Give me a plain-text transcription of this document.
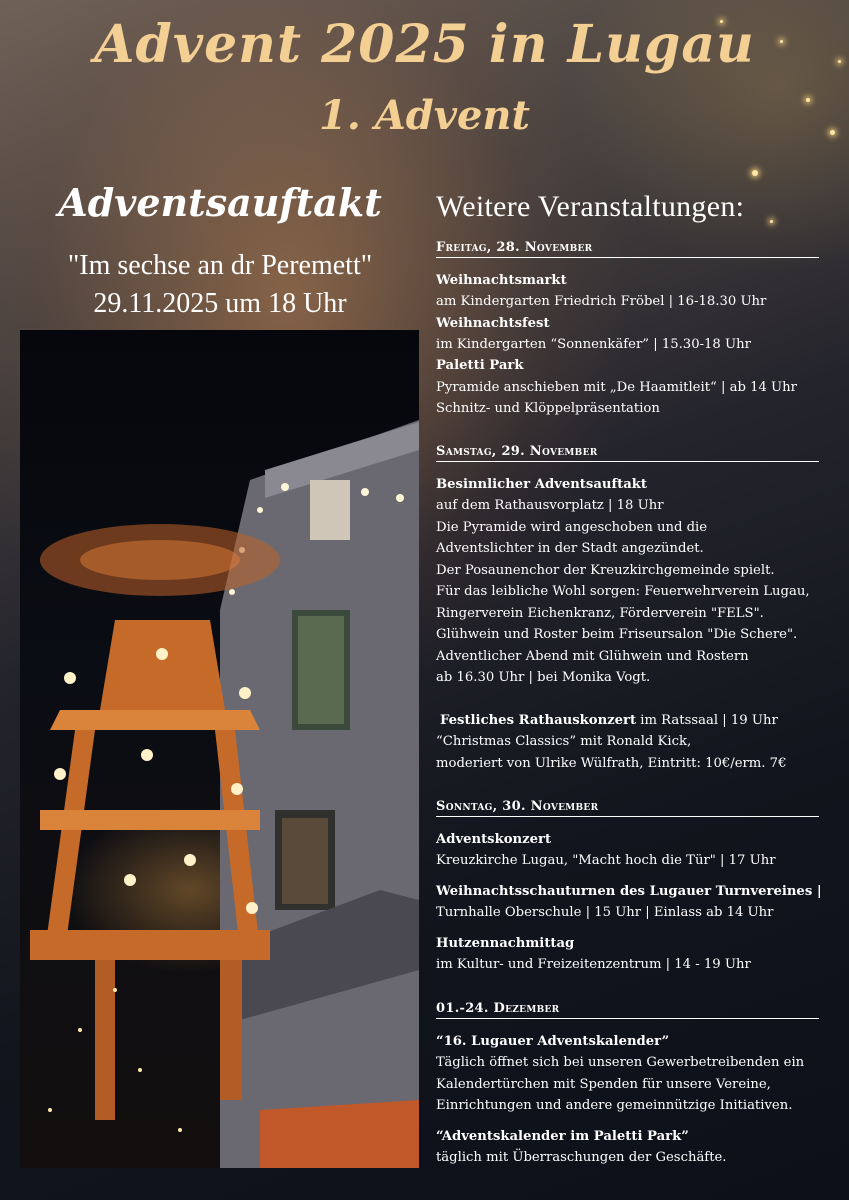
Advent 2025 in Lugau
1. Advent
Adventsauftakt
"Im sechse an dr Peremett"
29.11.2025 um 18 Uhr
Weitere Veranstaltungen:
Freitag, 28. November
Weihnachtsmarkt
am Kindergarten Friedrich Fröbel | 16-18.30 Uhr
Weihnachtsfest
im Kindergarten “Sonnenkäfer” | 15.30-18 Uhr
Paletti Park
Pyramide anschieben mit „De Haamitleit“ | ab 14 Uhr
Schnitz- und Klöppelpräsentation
Samstag, 29. November
Besinnlicher Adventsauftakt
auf dem Rathausvorplatz | 18 Uhr
Die Pyramide wird angeschoben und die
Adventslichter in der Stadt angezündet.
Der Posaunenchor der Kreuzkirchgemeinde spielt.
Für das leibliche Wohl sorgen: Feuerwehrverein Lugau,
Ringerverein Eichenkranz, Förderverein "FELS".
Glühwein und Roster beim Friseursalon "Die Schere".
Adventlicher Abend mit Glühwein und Rostern
ab 16.30 Uhr | bei Monika Vogt.
Festliches Rathauskonzert im Ratssaal | 19 Uhr
“Christmas Classics” mit Ronald Kick,
moderiert von Ulrike Wülfrath, Eintritt: 10€/erm. 7€
Sonntag, 30. November
Adventskonzert
Kreuzkirche Lugau, "Macht hoch die Tür" | 17 Uhr
Weihnachtsschauturnen des Lugauer Turnvereines |
Turnhalle Oberschule | 15 Uhr | Einlass ab 14 Uhr
Hutzennachmittag
im Kultur- und Freizeitenzentrum | 14 - 19 Uhr
01.-24. Dezember
“16. Lugauer Adventskalender”
Täglich öffnet sich bei unseren Gewerbetreibenden ein
Kalendertürchen mit Spenden für unsere Vereine,
Einrichtungen und andere gemeinnützige Initiativen.
“Adventskalender im Paletti Park”
täglich mit Überraschungen der Geschäfte.
